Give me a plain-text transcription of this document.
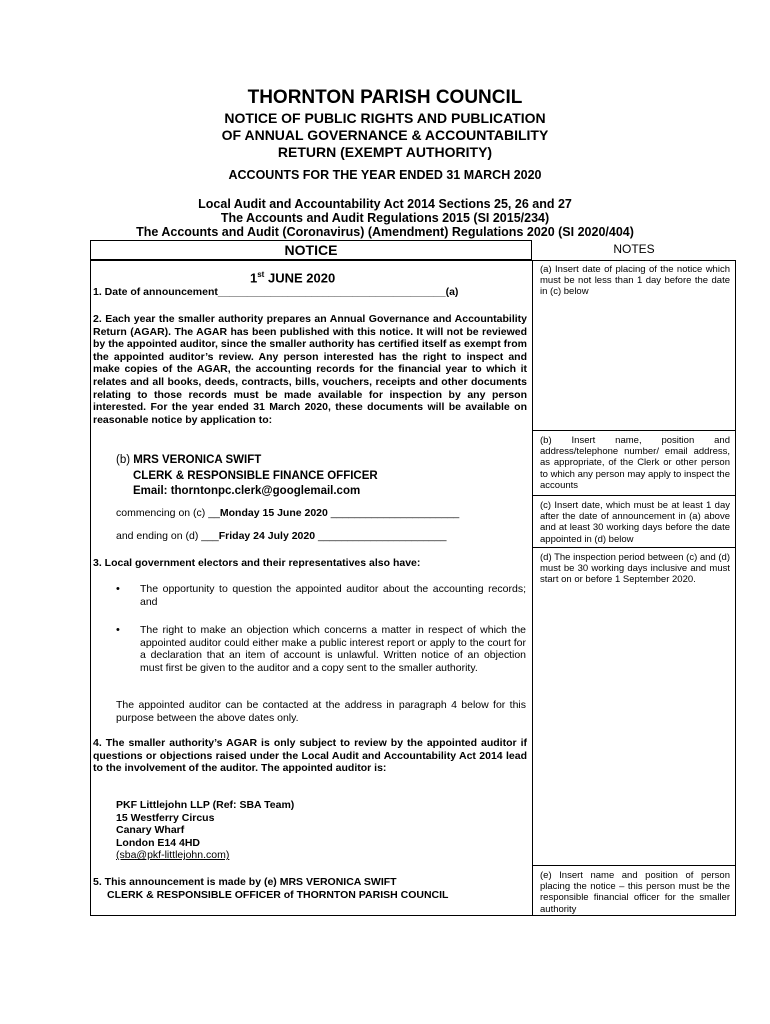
THORNTON PARISH COUNCIL
NOTICE OF PUBLIC RIGHTS AND PUBLICATION
OF ANNUAL GOVERNANCE & ACCOUNTABILITY
RETURN (EXEMPT AUTHORITY)
ACCOUNTS FOR THE YEAR ENDED 31 MARCH 2020
Local Audit and Accountability Act 2014 Sections 25, 26 and 27
The Accounts and Audit Regulations 2015 (SI 2015/234)
The Accounts and Audit (Coronavirus) (Amendment) Regulations 2020 (SI 2020/404)
NOTICE	NOTES
1st JUNE 2020
1. Date of announcement_______________________________________(a)
2. Each year the smaller authority prepares an Annual Governance and Accountability Return (AGAR). The AGAR has been published with this notice. It will not be reviewed by the appointed auditor, since the smaller authority has certified itself as exempt from the appointed auditor’s review. Any person interested has the right to inspect and make copies of the AGAR, the accounting records for the financial year to which it relates and all books, deeds, contracts, bills, vouchers, receipts and other documents relating to those records must be made available for inspection by any person interested. For the year ended 31 March 2020, these documents will be available on reasonable notice by application to:
(b) MRS VERONICA SWIFT
CLERK & RESPONSIBLE FINANCE OFFICER
Email: thorntonpc.clerk@googlemail.com
commencing on (c) __Monday 15 June 2020 ______________________
and ending on (d) ___Friday 24 July 2020 ______________________
3. Local government electors and their representatives also have:
• The opportunity to question the appointed auditor about the accounting records; and
• The right to make an objection which concerns a matter in respect of which the appointed auditor could either make a public interest report or apply to the court for a declaration that an item of account is unlawful. Written notice of an objection must first be given to the auditor and a copy sent to the smaller authority.
The appointed auditor can be contacted at the address in paragraph 4 below for this purpose between the above dates only.
4. The smaller authority’s AGAR is only subject to review by the appointed auditor if questions or objections raised under the Local Audit and Accountability Act 2014 lead to the involvement of the auditor. The appointed auditor is:
PKF Littlejohn LLP (Ref: SBA Team)
15 Westferry Circus
Canary Wharf
London E14 4HD
(sba@pkf-littlejohn.com)
5. This announcement is made by (e) MRS VERONICA SWIFT
CLERK & RESPONSIBLE OFFICER of THORNTON PARISH COUNCIL
(a) Insert date of placing of the notice which must be not less than 1 day before the date in (c) below
(b) Insert name, position and address/telephone number/ email address, as appropriate, of the Clerk or other person to which any person may apply to inspect the accounts
(c) Insert date, which must be at least 1 day after the date of announcement in (a) above and at least 30 working days before the date appointed in (d) below
(d) The inspection period between (c) and (d) must be 30 working days inclusive and must start on or before 1 September 2020.
(e) Insert name and position of person placing the notice – this person must be the responsible financial officer for the smaller authority
